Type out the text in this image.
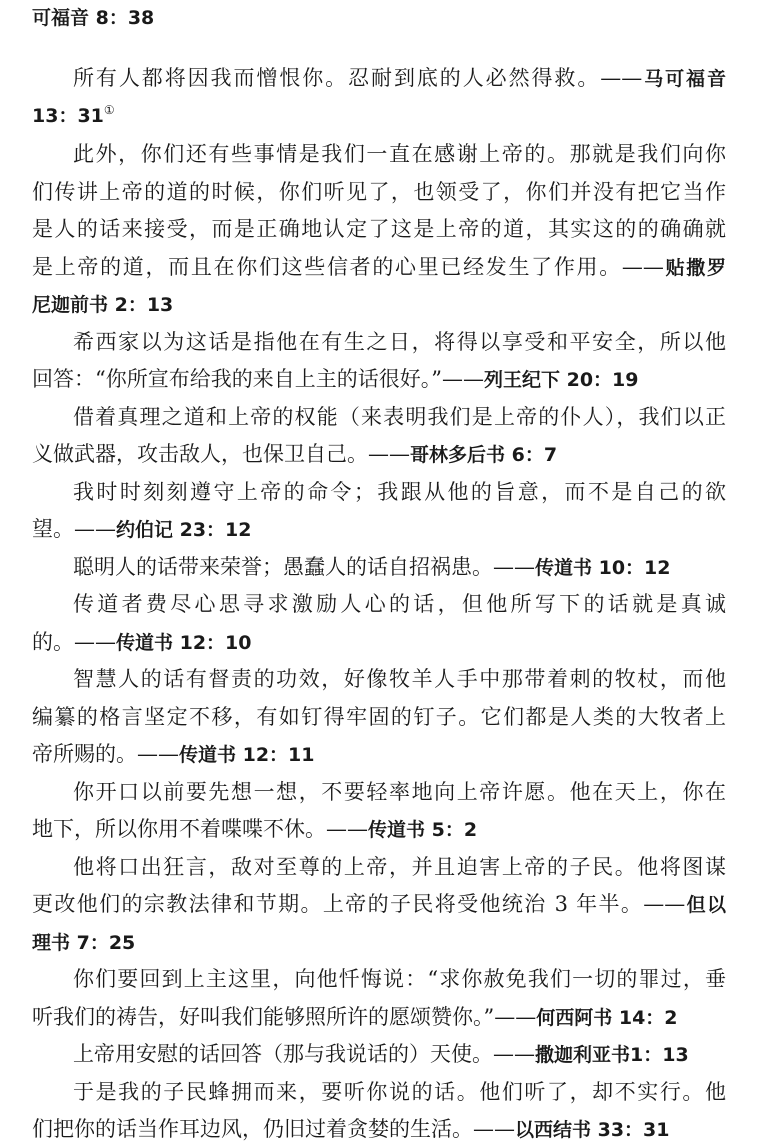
可福音 8：38
所有人都将因我而憎恨你。忍耐到底的人必然得救。——马可福音
13：31①
此外，你们还有些事情是我们一直在感谢上帝的。那就是我们向你
们传讲上帝的道的时候，你们听见了，也领受了，你们并没有把它当作
是人的话来接受，而是正确地认定了这是上帝的道，其实这的的确确就
是上帝的道，而且在你们这些信者的心里已经发生了作用。——贴撒罗
尼迦前书 2：13
希西家以为这话是指他在有生之日，将得以享受和平安全，所以他
回答：“你所宣布给我的来自上主的话很好。”——列王纪下 20：19
借着真理之道和上帝的权能（来表明我们是上帝的仆人），我们以正
义做武器，攻击敌人，也保卫自己。——哥林多后书 6：7
我时时刻刻遵守上帝的命令；我跟从他的旨意，而不是自己的欲
望。——约伯记 23：12
聪明人的话带来荣誉；愚蠢人的话自招祸患。——传道书 10：12
传道者费尽心思寻求激励人心的话，但他所写下的话就是真诚
的。——传道书 12：10
智慧人的话有督责的功效，好像牧羊人手中那带着刺的牧杖，而他
编纂的格言坚定不移，有如钉得牢固的钉子。它们都是人类的大牧者上
帝所赐的。——传道书 12：11
你开口以前要先想一想，不要轻率地向上帝许愿。他在天上，你在
地下，所以你用不着喋喋不休。——传道书 5：2
他将口出狂言，敌对至尊的上帝，并且迫害上帝的子民。他将图谋
更改他们的宗教法律和节期。上帝的子民将受他统治 3 年半。——但以
理书 7：25
你们要回到上主这里，向他忏悔说：“求你赦免我们一切的罪过，垂
听我们的祷告，好叫我们能够照所许的愿颂赞你。”——何西阿书 14：2
上帝用安慰的话回答（那与我说话的）天使。——撒迦利亚书1：13
于是我的子民蜂拥而来，要听你说的话。他们听了，却不实行。他
们把你的话当作耳边风，仍旧过着贪婪的生活。——以西结书 33：31
